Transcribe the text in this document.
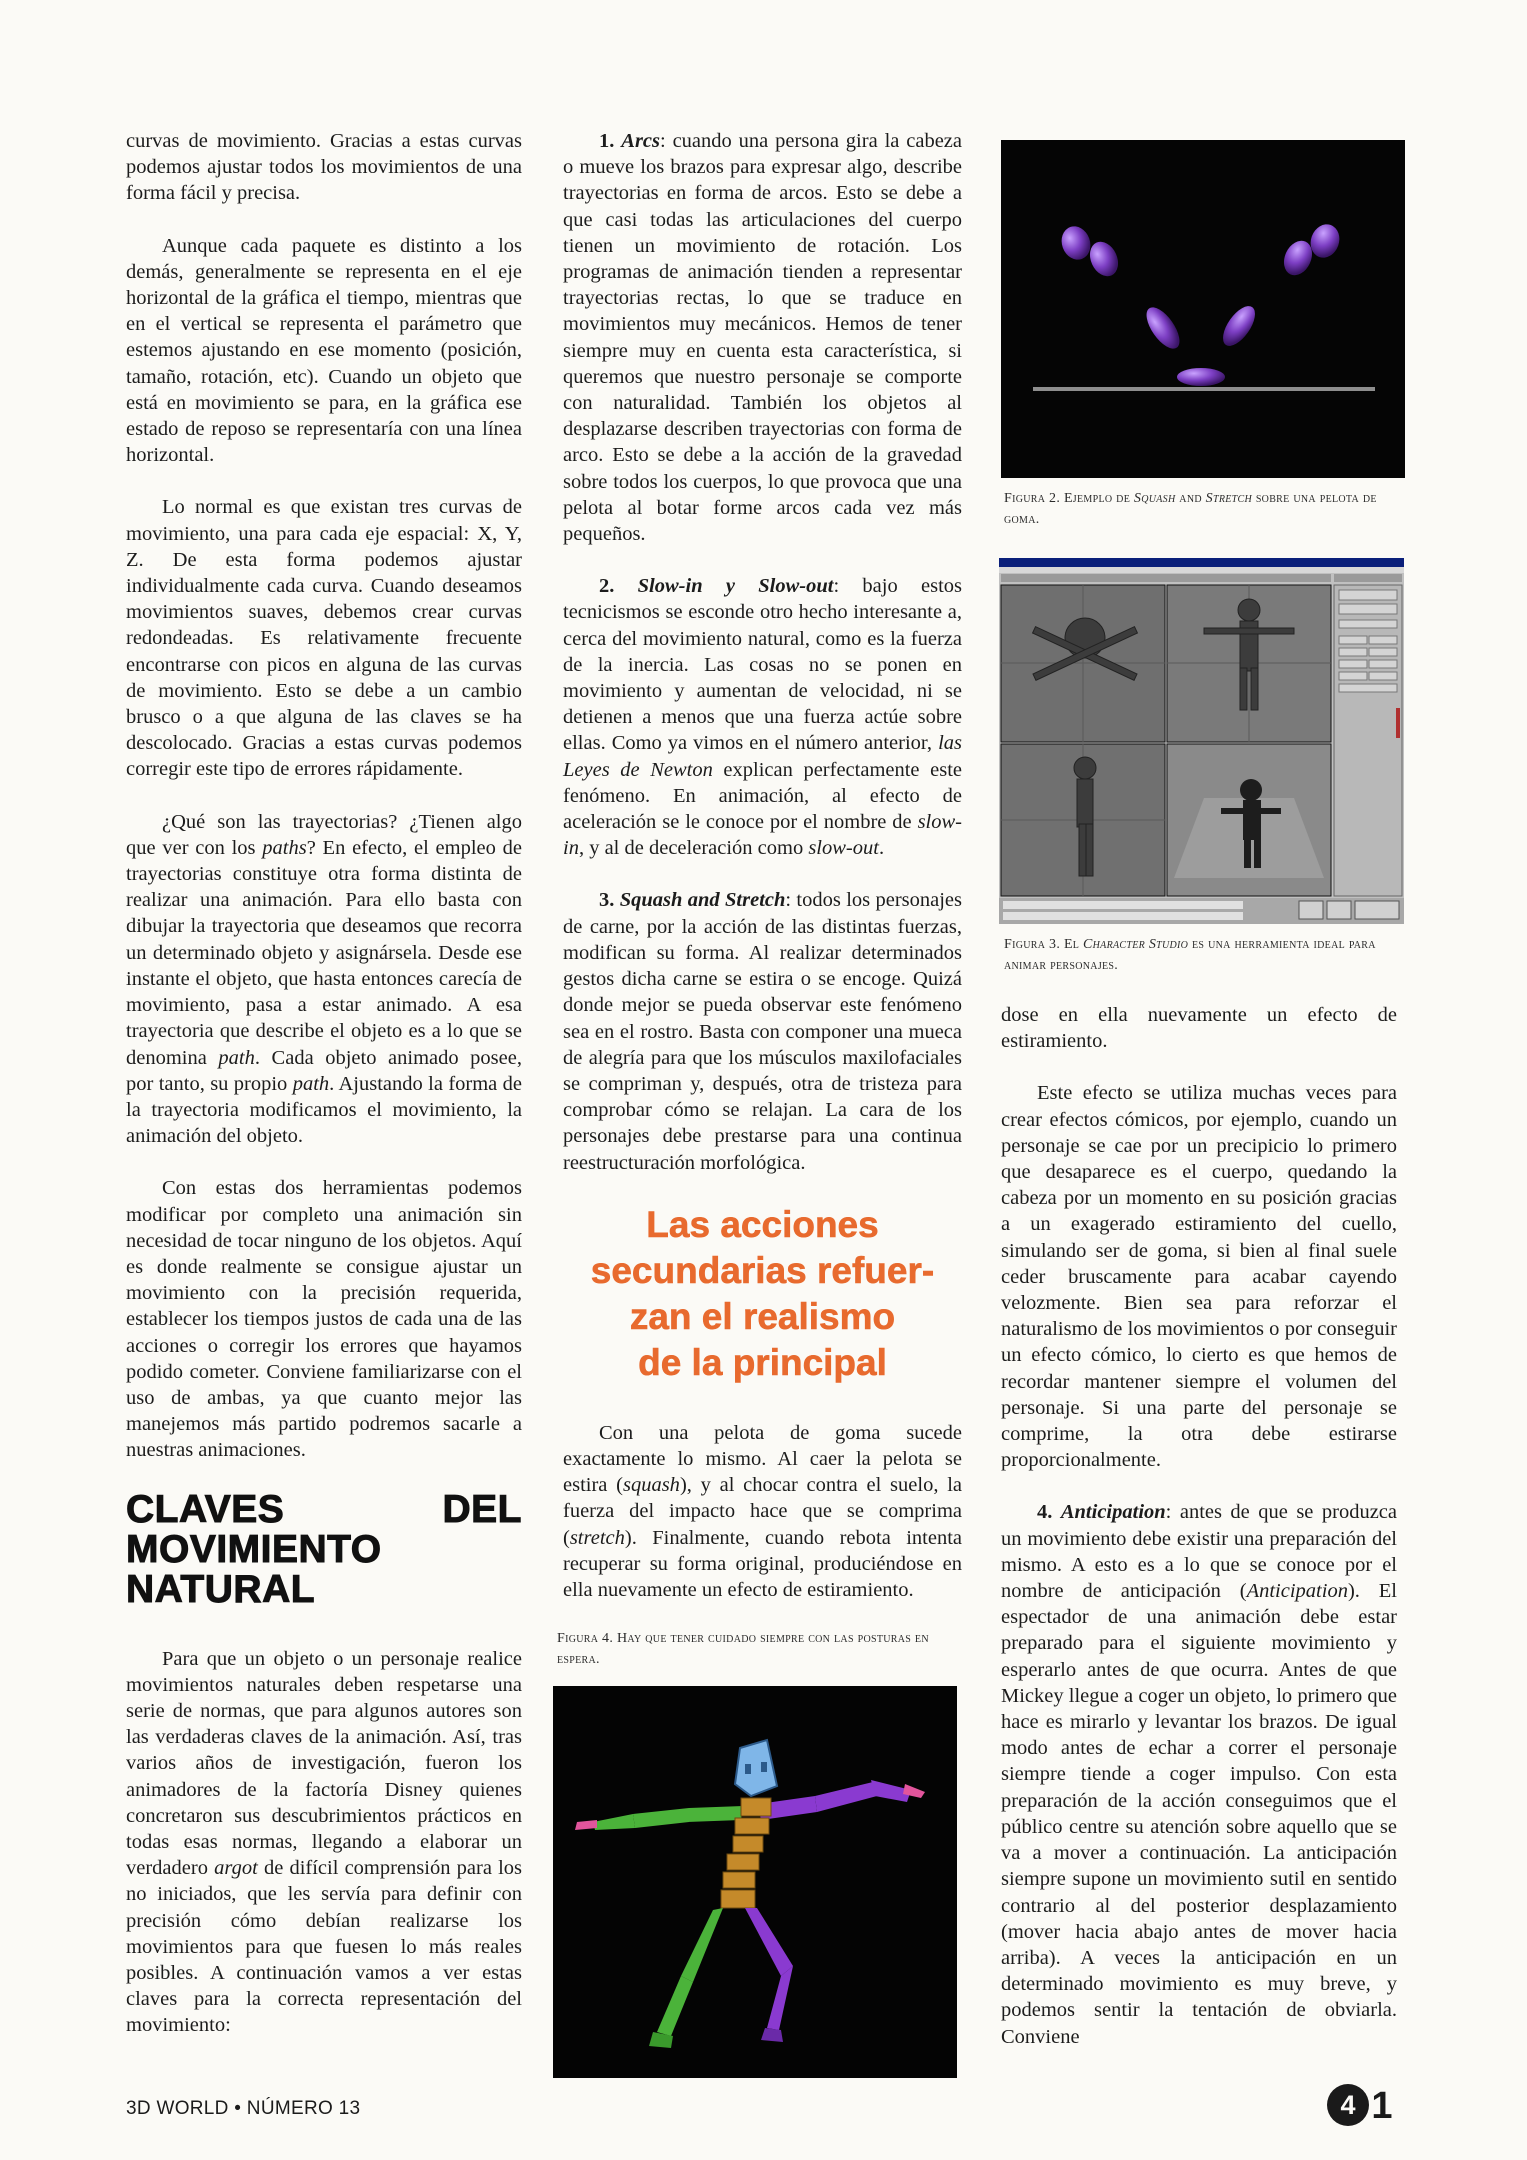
curvas de movimiento. Gracias a estas curvas podemos ajustar todos los movimientos de una forma fácil y precisa.

Aunque cada paquete es distinto a los demás, generalmente se representa en el eje horizontal de la gráfica el tiempo, mientras que en el vertical se representa el parámetro que estemos ajustando en ese momento (posición, tamaño, rotación, etc). Cuando un objeto que está en movimiento se para, en la gráfica ese estado de reposo se representaría con una línea horizontal.

Lo normal es que existan tres curvas de movimiento, una para cada eje espacial: X, Y, Z. De esta forma podemos ajustar individualmente cada curva. Cuando deseamos movimientos suaves, debemos crear curvas redondeadas. Es relativamente frecuente encontrarse con picos en alguna de las curvas de movimiento. Esto se debe a un cambio brusco o a que alguna de las claves se ha descolocado. Gracias a estas curvas podemos corregir este tipo de errores rápidamente.

¿Qué son las trayectorias? ¿Tienen algo que ver con los paths? En efecto, el empleo de trayectorias constituye otra forma distinta de realizar una animación. Para ello basta con dibujar la trayectoria que deseamos que recorra un determinado objeto y asignársela. Desde ese instante el objeto, que hasta entonces carecía de movimiento, pasa a estar animado. A esa trayectoria que describe el objeto es a lo que se denomina path. Cada objeto animado posee, por tanto, su propio path. Ajustando la forma de la trayectoria modificamos el movimiento, la animación del objeto.

Con estas dos herramientas podemos modificar por completo una animación sin necesidad de tocar ninguno de los objetos. Aquí es donde realmente se consigue ajustar un movimiento con la precisión requerida, establecer los tiempos justos de cada una de las acciones o corregir los errores que hayamos podido cometer. Conviene familiarizarse con el uso de ambas, ya que cuanto mejor las manejemos más partido podremos sacarle a nuestras animaciones.

CLAVES DEL MOVIMIENTO NATURAL

Para que un objeto o un personaje realice movimientos naturales deben respetarse una serie de normas, que para algunos autores son las verdaderas claves de la animación. Así, tras varios años de investigación, fueron los animadores de la factoría Disney quienes concretaron sus descubrimientos prácticos en todas esas normas, llegando a elaborar un verdadero argot de difícil comprensión para los no iniciados, que les servía para definir con precisión cómo debían realizarse los movimientos para que fuesen lo más reales posibles. A continuación vamos a ver estas claves para la correcta representación del movimiento:

1. Arcs: cuando una persona gira la cabeza o mueve los brazos para expresar algo, describe trayectorias en forma de arcos. Esto se debe a que casi todas las articulaciones del cuerpo tienen un movimiento de rotación. Los programas de animación tienden a representar trayectorias rectas, lo que se traduce en movimientos muy mecánicos. Hemos de tener siempre muy en cuenta esta característica, si queremos que nuestro personaje se comporte con naturalidad. También los objetos al desplazarse describen trayectorias con forma de arco. Esto se debe a la acción de la gravedad sobre todos los cuerpos, lo que provoca que una pelota al botar forme arcos cada vez más pequeños.

2. Slow-in y Slow-out: bajo estos tecnicismos se esconde otro hecho interesante a, cerca del movimiento natural, como es la fuerza de la inercia. Las cosas no se ponen en movimiento y aumentan de velocidad, ni se detienen a menos que una fuerza actúe sobre ellas. Como ya vimos en el número anterior, las Leyes de Newton explican perfectamente este fenómeno. En animación, al efecto de aceleración se le conoce por el nombre de slow-in, y al de deceleración como slow-out.

3. Squash and Stretch: todos los personajes de carne, por la acción de las distintas fuerzas, modifican su forma. Al realizar determinados gestos dicha carne se estira o se encoge. Quizá donde mejor se pueda observar este fenómeno sea en el rostro. Basta con componer una mueca de alegría para que los músculos maxilofaciales se compriman y, después, otra de tristeza para comprobar cómo se relajan. La cara de los personajes debe prestarse para una continua reestructuración morfológica.

Las acciones
secundarias refuer-
zan el realismo
de la principal

Con una pelota de goma sucede exactamente lo mismo. Al caer la pelota se estira (squash), y al chocar contra el suelo, la fuerza del impacto hace que se comprima (stretch). Finalmente, cuando rebota intenta recuperar su forma original, produciéndose en ella nuevamente un efecto de estiramiento.

Figura 2. Ejemplo de Squash and Stretch sobre una pelota de goma.
Figura 3. El Character Studio es una herramienta ideal para animar personajes.

dose en ella nuevamente un efecto de estiramiento.

Este efecto se utiliza muchas veces para crear efectos cómicos, por ejemplo, cuando un personaje se cae por un precipicio lo primero que desaparece es el cuerpo, quedando la cabeza por un momento en su posición gracias a un exagerado estiramiento del cuello, simulando ser de goma, si bien al final suele ceder bruscamente para acabar cayendo velozmente. Bien sea para reforzar el naturalismo de los movimientos o por conseguir un efecto cómico, lo cierto es que hemos de recordar mantener siempre el volumen del personaje. Si una parte del personaje se comprime, la otra debe estirarse proporcionalmente.

4. Anticipation: antes de que se produzca un movimiento debe existir una preparación del mismo. A esto es a lo que se conoce por el nombre de anticipación (Anticipation). El espectador de una animación debe estar preparado para el siguiente movimiento y esperarlo antes de que ocurra. Antes de que Mickey llegue a coger un objeto, lo primero que hace es mirarlo y levantar los brazos. De igual modo antes de echar a correr el personaje siempre tiende a coger impulso. Con esta preparación de la acción conseguimos que el público centre su atención sobre aquello que se va a mover a continuación. La anticipación siempre supone un movimiento sutil en sentido contrario al del posterior desplazamiento (mover hacia abajo antes de mover hacia arriba). A veces la anticipación en un determinado movimiento es muy breve, y podemos sentir la tentación de obviarla. Conviene

Figura 4. Hay que tener cuidado siempre con las posturas en espera.
3D WORLD • NÚMERO 13	4 1
